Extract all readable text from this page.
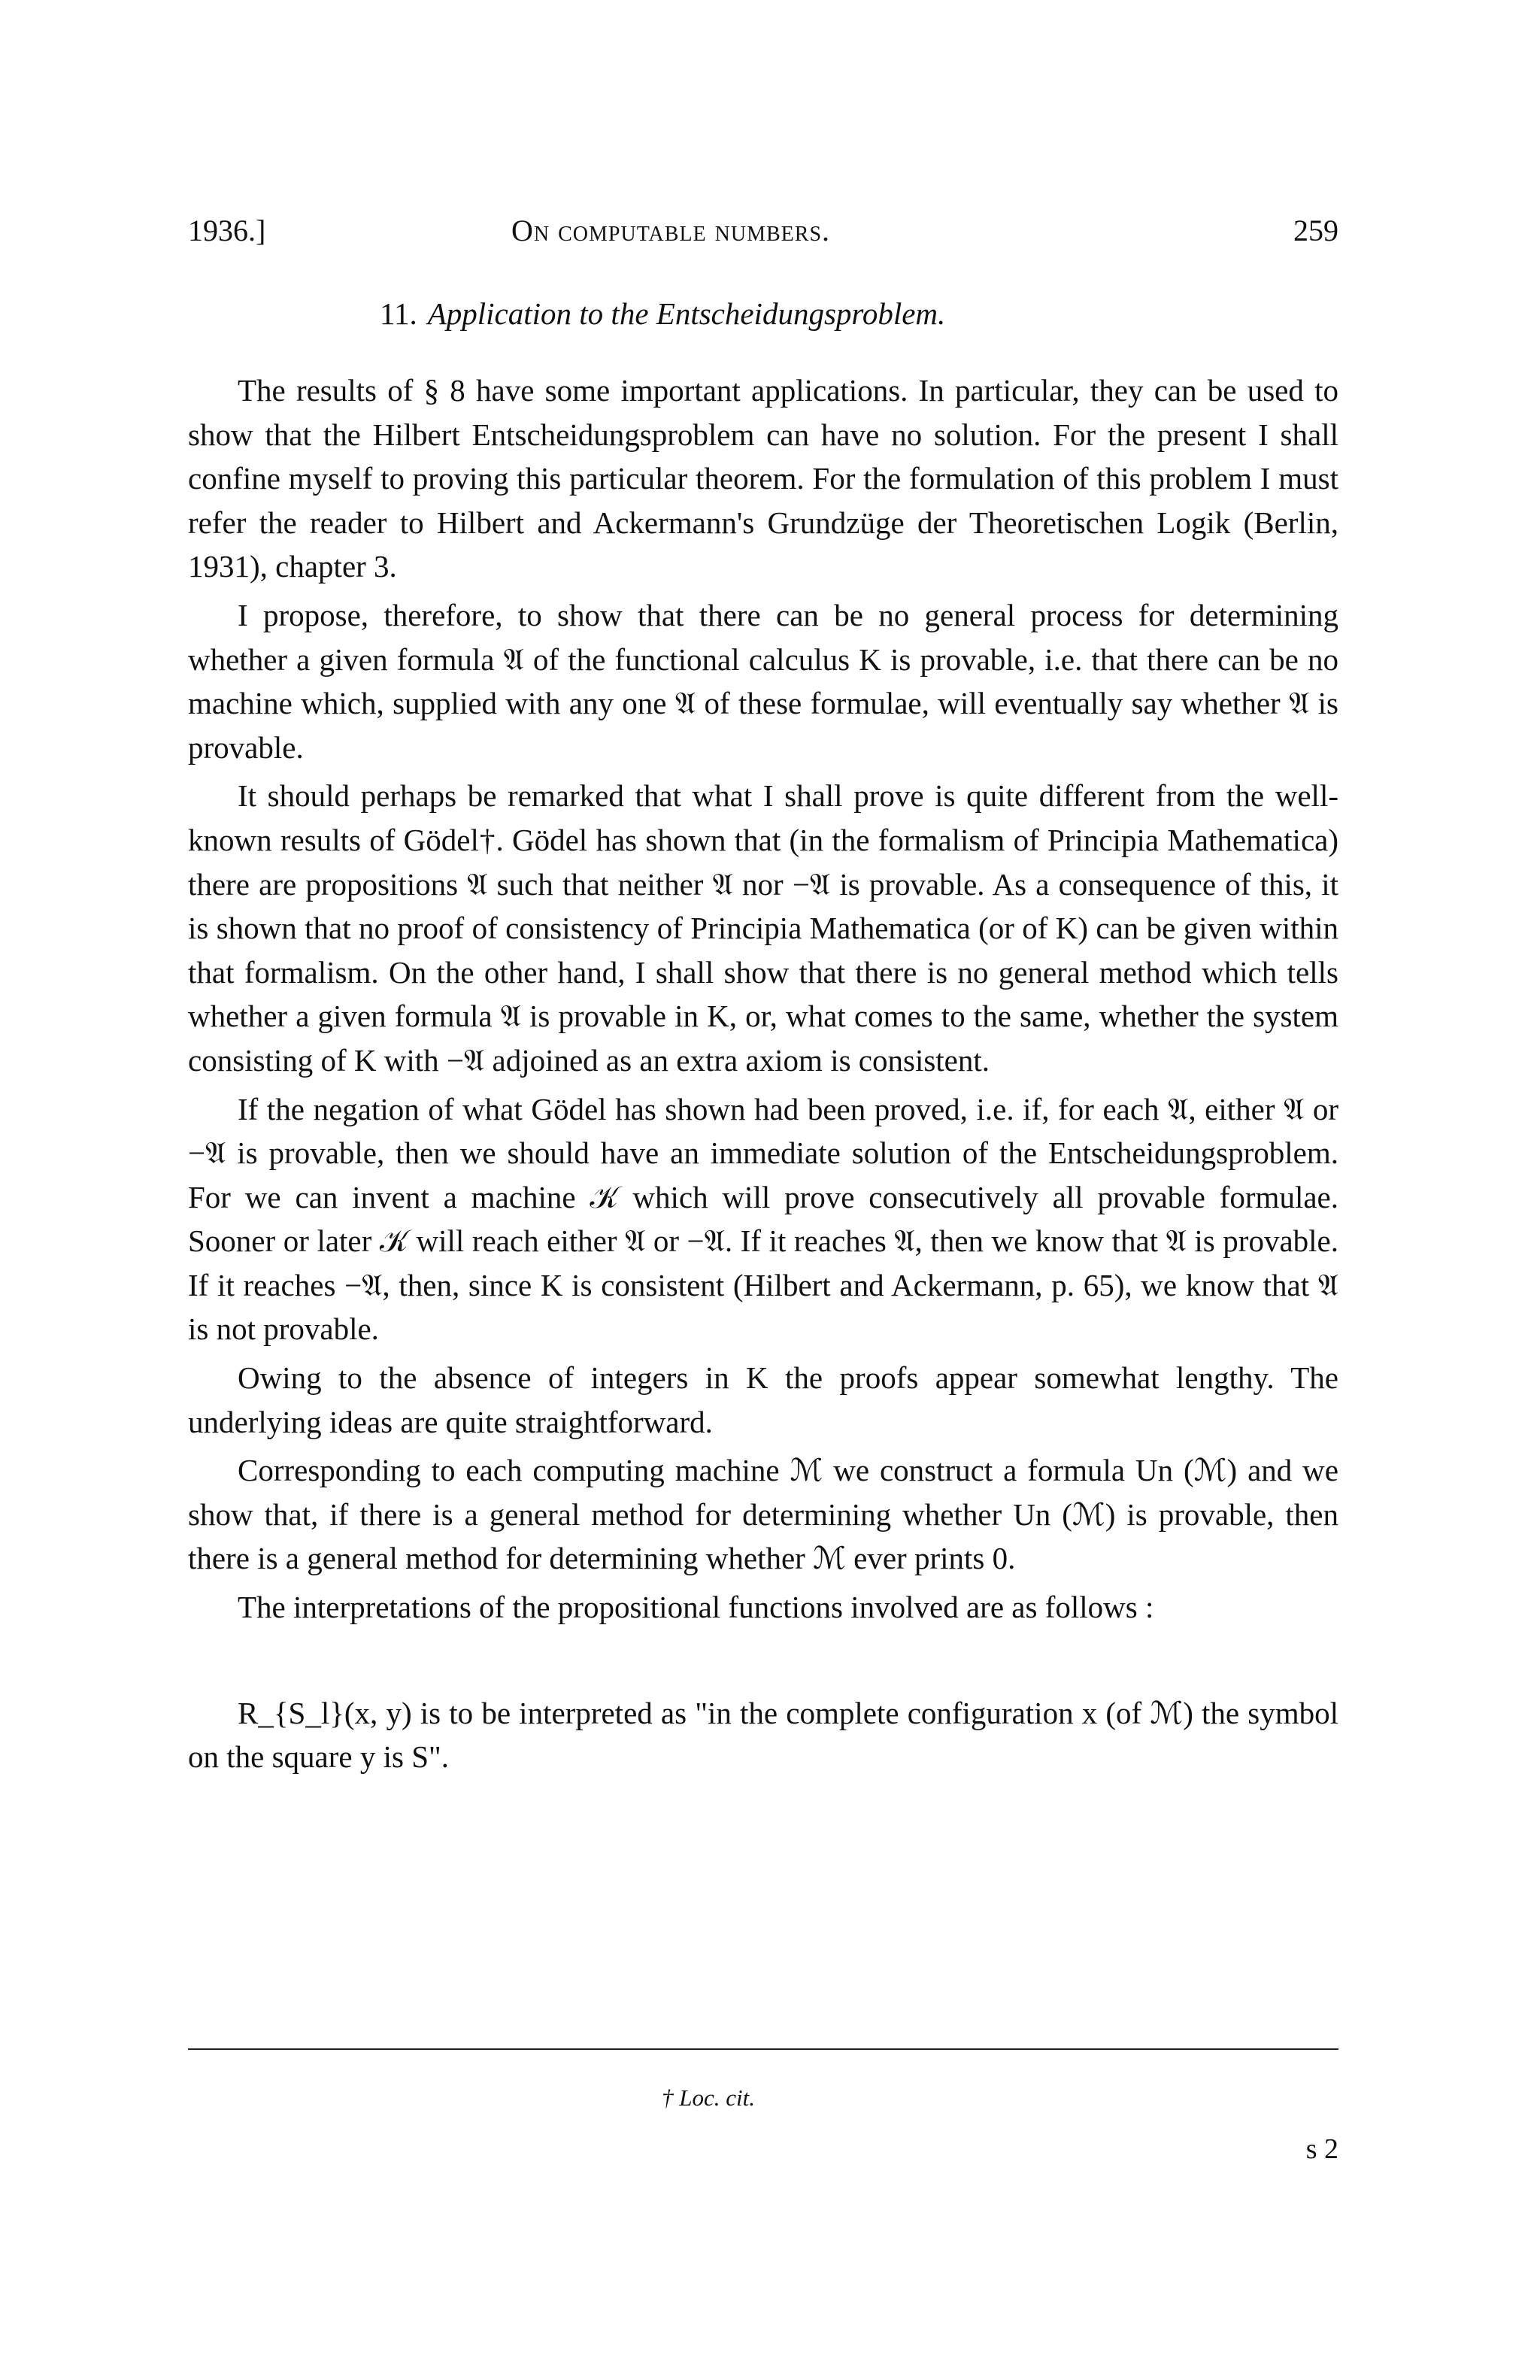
1936.]	On computable numbers.	259
11. Application to the Entscheidungsproblem.

The results of § 8 have some important applications. In particular, they can be used to show that the Hilbert Entscheidungsproblem can have no solution. For the present I shall confine myself to proving this particular theorem. For the formulation of this problem I must refer the reader to Hilbert and Ackermann's Grundzüge der Theoretischen Logik (Berlin, 1931), chapter 3.

I propose, therefore, to show that there can be no general process for determining whether a given formula 𝔄 of the functional calculus K is provable, i.e. that there can be no machine which, supplied with any one 𝔄 of these formulae, will eventually say whether 𝔄 is provable.

It should perhaps be remarked that what I shall prove is quite different from the well-known results of Gödel†. Gödel has shown that (in the formalism of Principia Mathematica) there are propositions 𝔄 such that neither 𝔄 nor −𝔄 is provable. As a consequence of this, it is shown that no proof of consistency of Principia Mathematica (or of K) can be given within that formalism. On the other hand, I shall show that there is no general method which tells whether a given formula 𝔄 is provable in K, or, what comes to the same, whether the system consisting of K with −𝔄 adjoined as an extra axiom is consistent.

If the negation of what Gödel has shown had been proved, i.e. if, for each 𝔄, either 𝔄 or −𝔄 is provable, then we should have an immediate solution of the Entscheidungsproblem. For we can invent a machine 𝒦 which will prove consecutively all provable formulae. Sooner or later 𝒦 will reach either 𝔄 or −𝔄. If it reaches 𝔄, then we know that 𝔄 is provable. If it reaches −𝔄, then, since K is consistent (Hilbert and Ackermann, p. 65), we know that 𝔄 is not provable.

Owing to the absence of integers in K the proofs appear somewhat lengthy. The underlying ideas are quite straightforward.

Corresponding to each computing machine ℳ we construct a formula Un (ℳ) and we show that, if there is a general method for determining whether Un (ℳ) is provable, then there is a general method for determining whether ℳ ever prints 0.

The interpretations of the propositional functions involved are as follows :

R_{S_l}(x, y) is to be interpreted as "in the complete configuration x (of ℳ) the symbol on the square y is S".

† Loc. cit.
s 2
